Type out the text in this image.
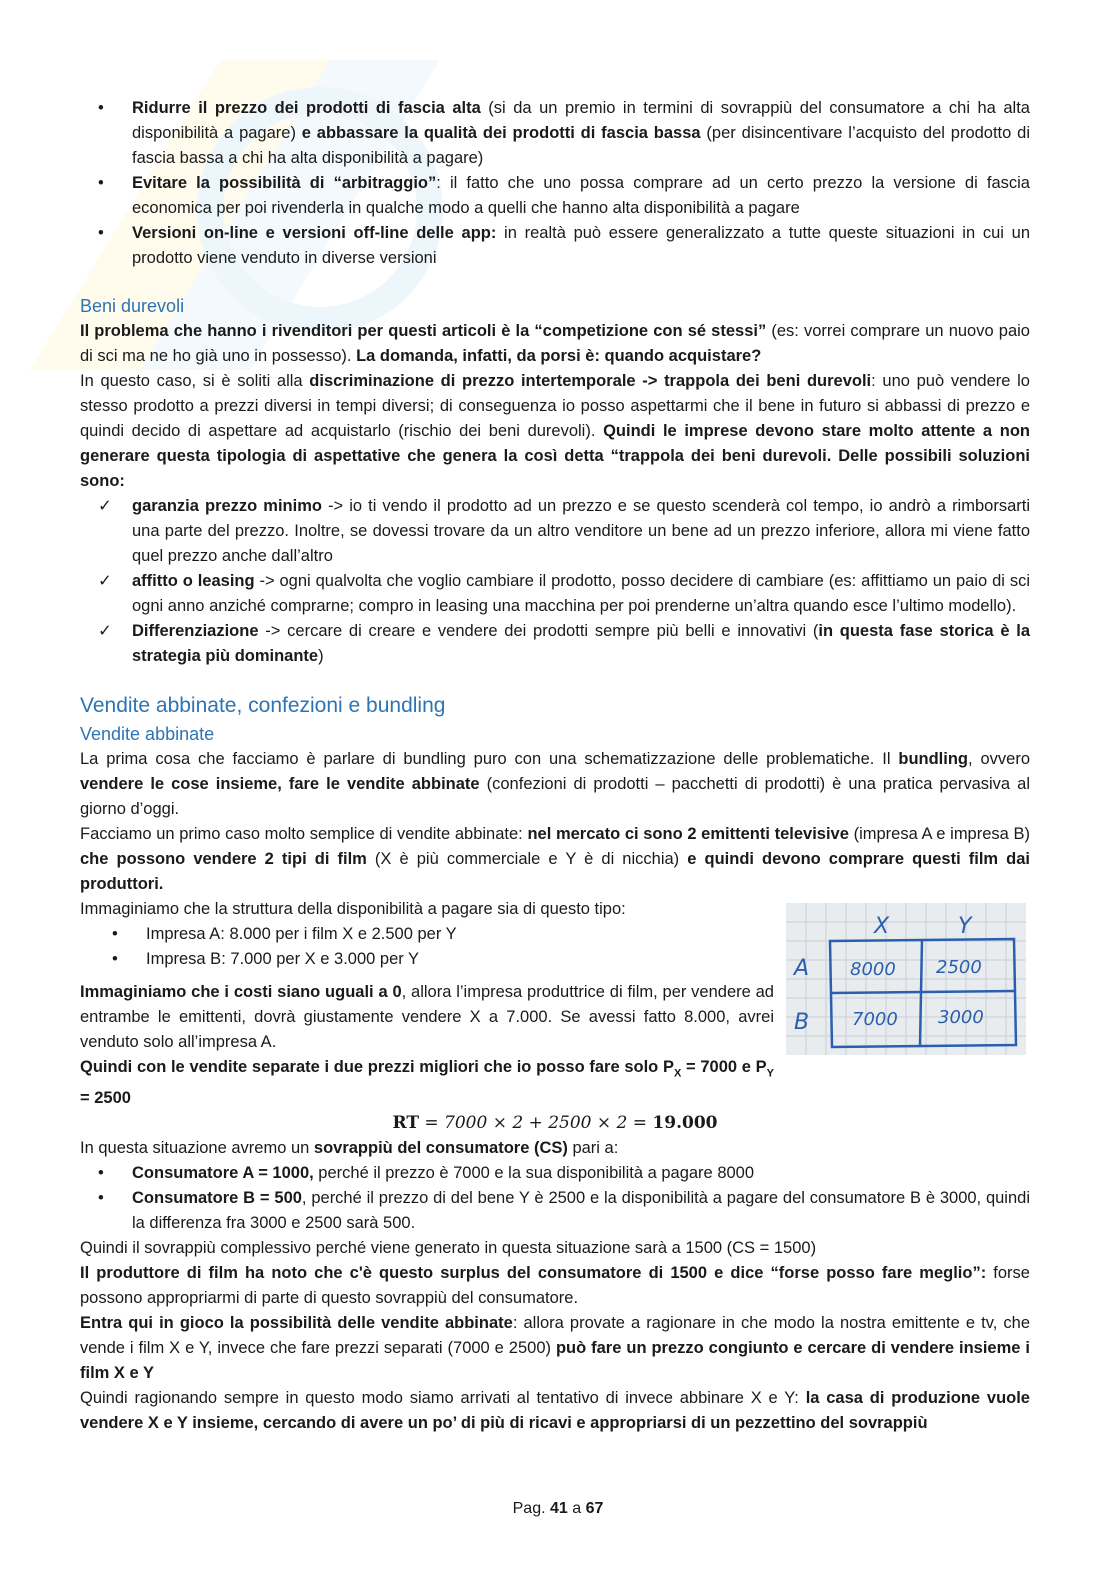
• Ridurre il prezzo dei prodotti di fascia alta (si da un premio in termini di sovrappiù del consumatore a chi ha alta disponibilità a pagare) e abbassare la qualità dei prodotti di fascia bassa (per disincentivare l’acquisto del prodotto di fascia bassa a chi ha alta disponibilità a pagare)
• Evitare la possibilità di “arbitraggio”: il fatto che uno possa comprare ad un certo prezzo la versione di fascia economica per poi rivenderla in qualche modo a quelli che hanno alta disponibilità a pagare
• Versioni on-line e versioni off-line delle app: in realtà può essere generalizzato a tutte queste situazioni in cui un prodotto viene venduto in diverse versioni
Beni durevoli

Il problema che hanno i rivenditori per questi articoli è la “competizione con sé stessi” (es: vorrei comprare un nuovo paio di sci ma ne ho già uno in possesso). La domanda, infatti, da porsi è: quando acquistare?

In questo caso, si è soliti alla discriminazione di prezzo intertemporale -> trappola dei beni durevoli: uno può vendere lo stesso prodotto a prezzi diversi in tempi diversi; di conseguenza io posso aspettarmi che il bene in futuro si abbassi di prezzo e quindi decido di aspettare ad acquistarlo (rischio dei beni durevoli). Quindi le imprese devono stare molto attente a non generare questa tipologia di aspettative che genera la così detta “trappola dei beni durevoli. Delle possibili soluzioni sono:

✓ garanzia prezzo minimo -> io ti vendo il prodotto ad un prezzo e se questo scenderà col tempo, io andrò a rimborsarti una parte del prezzo. Inoltre, se dovessi trovare da un altro venditore un bene ad un prezzo inferiore, allora mi viene fatto quel prezzo anche dall’altro
✓ affitto o leasing -> ogni qualvolta che voglio cambiare il prodotto, posso decidere di cambiare (es: affittiamo un paio di sci ogni anno anziché comprarne; compro in leasing una macchina per poi prenderne un’altra quando esce l’ultimo modello).
✓ Differenziazione -> cercare di creare e vendere dei prodotti sempre più belli e innovativi (in questa fase storica è la strategia più dominante)
Vendite abbinate, confezioni e bundling
Vendite abbinate

La prima cosa che facciamo è parlare di bundling puro con una schematizzazione delle problematiche. Il bundling, ovvero vendere le cose insieme, fare le vendite abbinate (confezioni di prodotti – pacchetti di prodotti) è una pratica pervasiva al giorno d’oggi.

Facciamo un primo caso molto semplice di vendite abbinate: nel mercato ci sono 2 emittenti televisive (impresa A e impresa B) che possono vendere 2 tipi di film (X è più commerciale e Y è di nicchia) e quindi devono comprare questi film dai produttori.

X	Y
A
B
8000 2500
7000 3000

Immaginiamo che la struttura della disponibilità a pagare sia di questo tipo:

• Impresa A: 8.000 per i film X e 2.500 per Y
• Impresa B: 7.000 per X e 3.000 per Y

Immaginiamo che i costi siano uguali a 0, allora l’impresa produttrice di film, per vendere ad entrambe le emittenti, dovrà giustamente vendere X a 7.000. Se avessi fatto 8.000, avrei venduto solo all’impresa A.

Quindi con le vendite separate i due prezzi migliori che io posso fare solo $P_X = 7000$ e $P_Y = 2500$

RT = 7000 × 2 + 2500 × 2 = 19.000

In questa situazione avremo un sovrappiù del consumatore (CS) pari a:

• Consumatore A = 1000, perché il prezzo è 7000 e la sua disponibilità a pagare 8000
• Consumatore B = 500, perché il prezzo di del bene Y è 2500 e la disponibilità a pagare del consumatore B è 3000, quindi la differenza fra 3000 e 2500 sarà 500.

Quindi il sovrappiù complessivo perché viene generato in questa situazione sarà a 1500 (CS = 1500)

Il produttore di film ha noto che c'è questo surplus del consumatore di 1500 e dice “forse posso fare meglio”: forse possono appropriarmi di parte di questo sovrappiù del consumatore.

Entra qui in gioco la possibilità delle vendite abbinate: allora provate a ragionare in che modo la nostra emittente e tv, che vende i film X e Y, invece che fare prezzi separati (7000 e 2500) può fare un prezzo congiunto e cercare di vendere insieme i film X e Y

Quindi ragionando sempre in questo modo siamo arrivati al tentativo di invece abbinare X e Y: la casa di produzione vuole vendere X e Y insieme, cercando di avere un po’ di più di ricavi e appropriarsi di un pezzettino del sovrappiù

Pag. 41 a 67
